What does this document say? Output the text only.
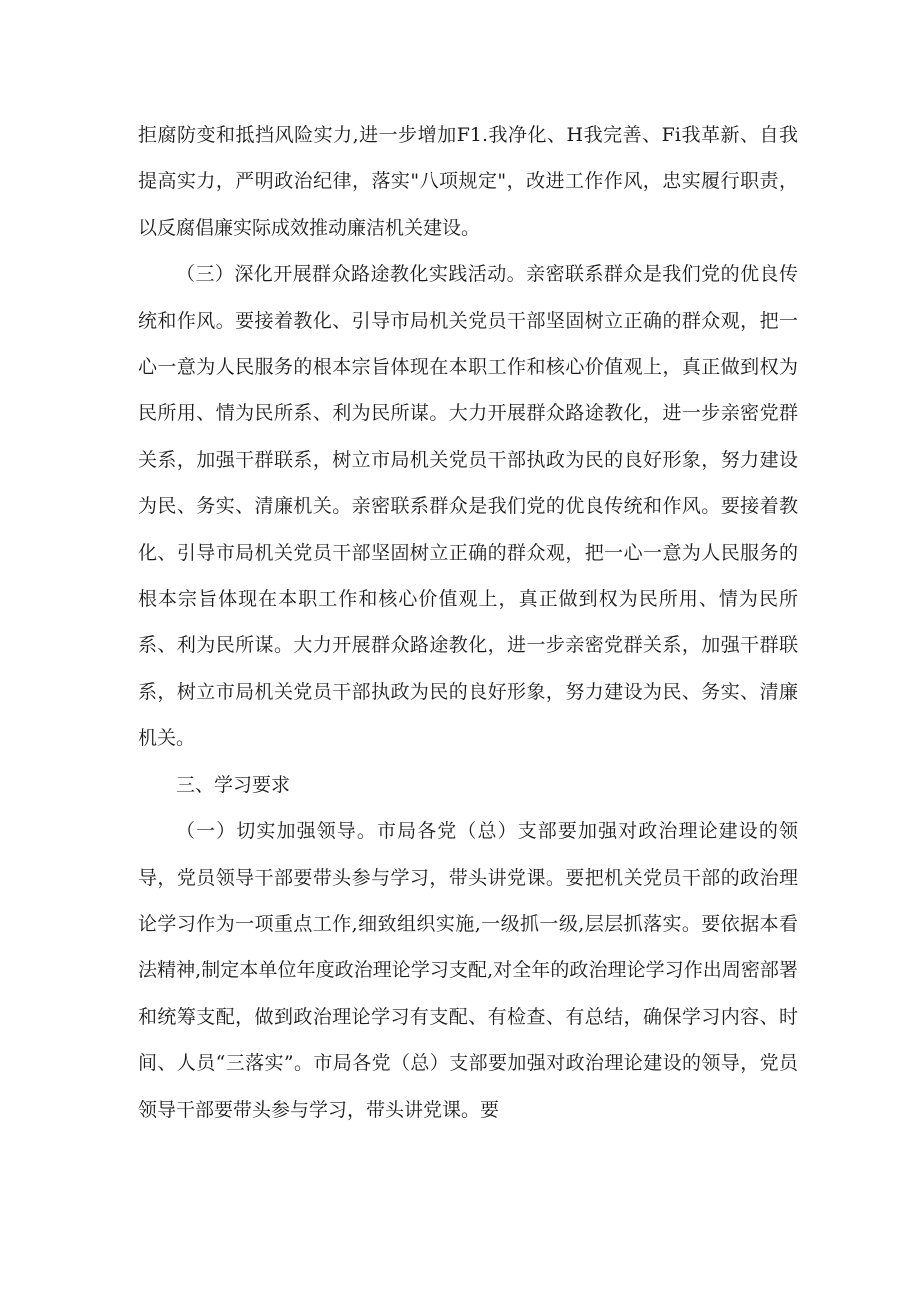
拒腐防变和抵挡风险实力,进一步增加F1.我净化、H我完善、Fi我革新、自我提高实力，严明政治纪律，落实"八项规定"，改进工作作风，忠实履行职责，以反腐倡廉实际成效推动廉洁机关建设。

（三）深化开展群众路途教化实践活动。亲密联系群众是我们党的优良传统和作风。要接着教化、引导市局机关党员干部坚固树立正确的群众观，把一心一意为人民服务的根本宗旨体现在本职工作和核心价值观上，真正做到权为民所用、情为民所系、利为民所谋。大力开展群众路途教化，进一步亲密党群关系，加强干群联系，树立市局机关党员干部执政为民的良好形象，努力建设为民、务实、清廉机关。亲密联系群众是我们党的优良传统和作风。要接着教化、引导市局机关党员干部坚固树立正确的群众观，把一心一意为人民服务的根本宗旨体现在本职工作和核心价值观上，真正做到权为民所用、情为民所系、利为民所谋。大力开展群众路途教化，进一步亲密党群关系，加强干群联系，树立市局机关党员干部执政为民的良好形象，努力建设为民、务实、清廉机关。

三、学习要求

（一）切实加强领导。市局各党（总）支部要加强对政治理论建设的领导，党员领导干部要带头参与学习，带头讲党课。要把机关党员干部的政治理论学习作为一项重点工作,细致组织实施,一级抓一级,层层抓落实。要依据本看法精神,制定本单位年度政治理论学习支配,对全年的政治理论学习作出周密部署和统筹支配，做到政治理论学习有支配、有检查、有总结，确保学习内容、时间、人员“三落实”。市局各党（总）支部要加强对政治理论建设的领导，党员领导干部要带头参与学习，带头讲党课。要
